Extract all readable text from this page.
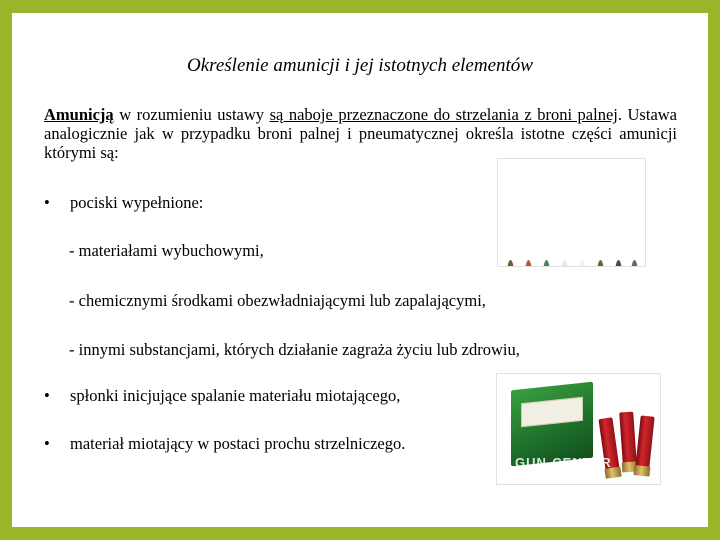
Określenie amunicji i jej istotnych elementów
Amunicją w rozumieniu ustawy są naboje przeznaczone do strzelania z broni palnej. Ustawa analogicznie jak w przypadku broni palnej i pneumatycznej określa istotne części amunicji którymi są:
• pociski wypełnione:
- materiałami wybuchowymi,
- chemicznymi środkami obezwładniającymi lub zapalającymi,
- innymi substancjami, których działanie zagraża życiu lub zdrowiu,
• spłonki inicjujące spalanie materiału miotającego,
• materiał miotający w postaci prochu strzelniczego.
GUN-CENTER
